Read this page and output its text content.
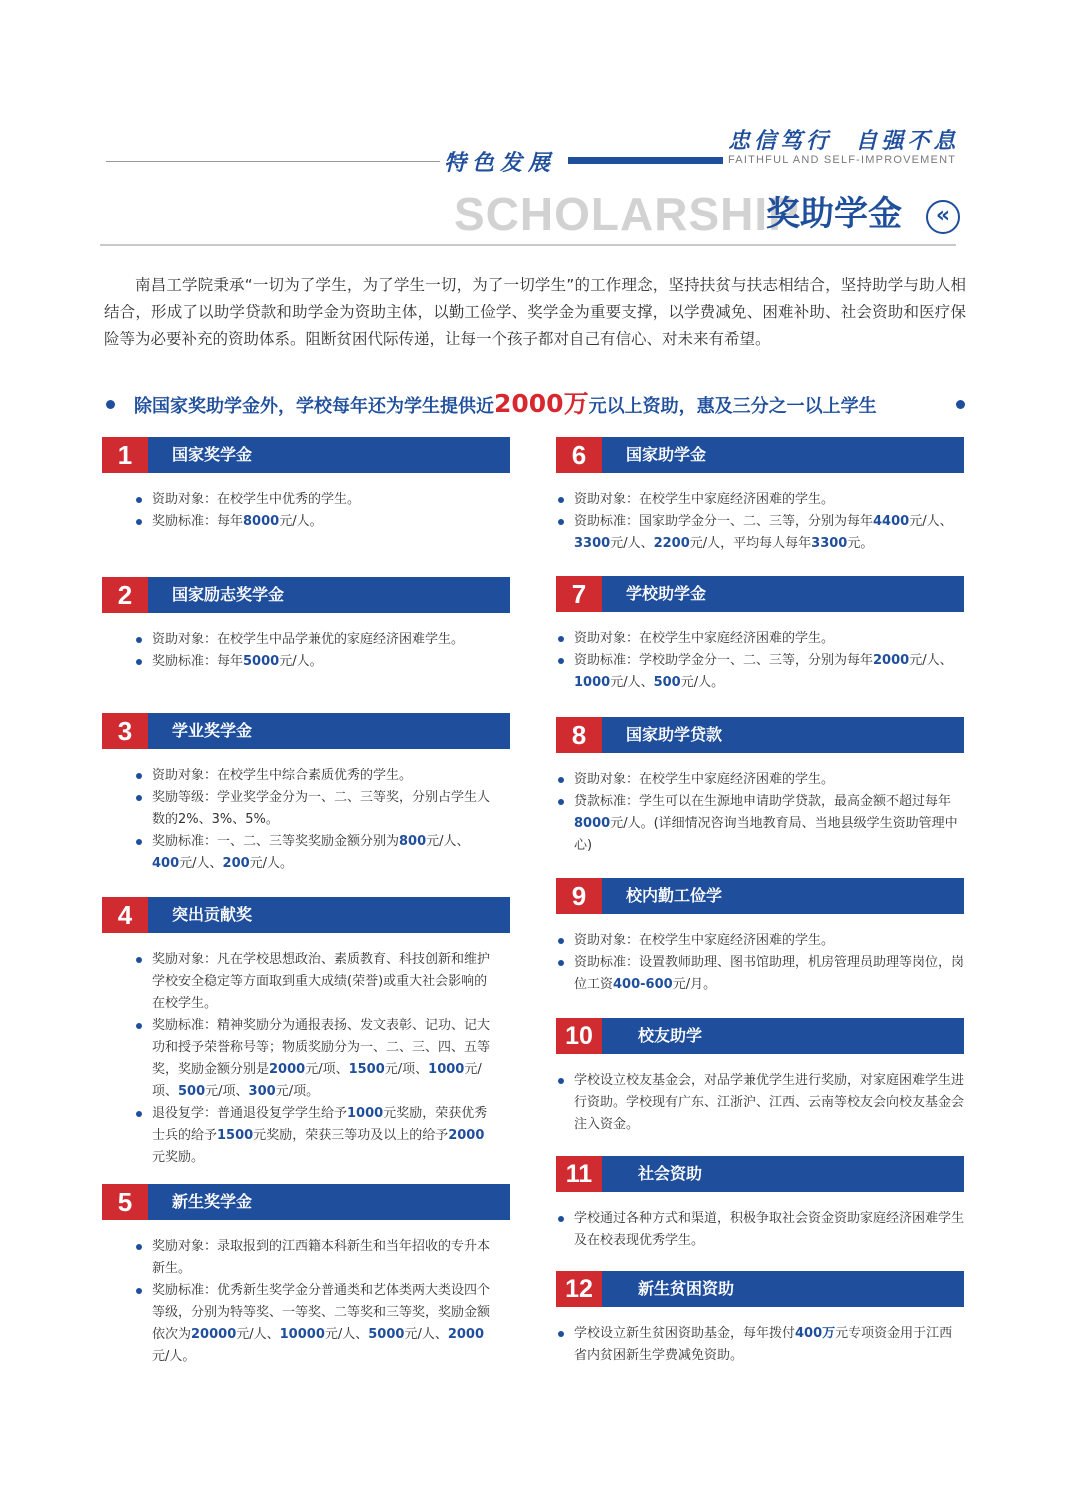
忠信笃行  自强不息
FAITHFUL AND SELF-IMPROVEMENT
特色发展
SCHOLARSHIP
奖助学金	«

南昌工学院秉承“一切为了学生，为了学生一切，为了一切学生”的工作理念，坚持扶贫与扶志相结合，坚持助学与助人相结合，形成了以助学贷款和助学金为资助主体，以勤工俭学、奖学金为重要支撑，以学费减免、困难补助、社会资助和医疗保险等为必要补充的资助体系。阻断贫困代际传递，让每一个孩子都对自己有信心、对未来有希望。

除国家奖助学金外，学校每年还为学生提供近2000万元以上资助，惠及三分之一以上学生
1	国家奖学金
资助对象：在校学生中优秀的学生。
奖励标准：每年8000元/人。
2	国家励志奖学金
资助对象：在校学生中品学兼优的家庭经济困难学生。
奖励标准：每年5000元/人。
3	学业奖学金
资助对象：在校学生中综合素质优秀的学生。
奖励等级：学业奖学金分为一、二、三等奖，分别占学生人数的2%、3%、5%。
奖励标准：一、二、三等奖奖励金额分别为800元/人、400元/人、200元/人。
4	突出贡献奖
奖励对象：凡在学校思想政治、素质教育、科技创新和维护学校安全稳定等方面取到重大成绩(荣誉)或重大社会影响的在校学生。
奖励标准：精神奖励分为通报表扬、发文表彰、记功、记大功和授予荣誉称号等；物质奖励分为一、二、三、四、五等奖，奖励金额分别是2000元/项、1500元/项、1000元/项、500元/项、300元/项。
退役复学：普通退役复学学生给予1000元奖励，荣获优秀士兵的给予1500元奖励，荣获三等功及以上的给予2000元奖励。
5	新生奖学金
奖励对象：录取报到的江西籍本科新生和当年招收的专升本新生。
奖励标准：优秀新生奖学金分普通类和艺体类两大类设四个等级，分别为特等奖、一等奖、二等奖和三等奖，奖励金额依次为20000元/人、10000元/人、5000元/人、2000元/人。
6	国家助学金
资助对象：在校学生中家庭经济困难的学生。
资助标准：国家助学金分一、二、三等，分别为每年4400元/人、3300元/人、2200元/人，平均每人每年3300元。
7	学校助学金
资助对象：在校学生中家庭经济困难的学生。
资助标准：学校助学金分一、二、三等，分别为每年2000元/人、1000元/人、500元/人。
8	国家助学贷款
资助对象：在校学生中家庭经济困难的学生。
贷款标准：学生可以在生源地申请助学贷款，最高金额不超过每年8000元/人。(详细情况咨询当地教育局、当地县级学生资助管理中心)
9	校内勤工俭学
资助对象：在校学生中家庭经济困难的学生。
资助标准：设置教师助理、图书馆助理，机房管理员助理等岗位，岗位工资400-600元/月。
10	校友助学
学校设立校友基金会，对品学兼优学生进行奖励，对家庭困难学生进行资助。学校现有广东、江浙沪、江西、云南等校友会向校友基金会注入资金。
11	社会资助
学校通过各种方式和渠道，积极争取社会资金资助家庭经济困难学生及在校表现优秀学生。
12	新生贫困资助
学校设立新生贫困资助基金，每年拨付400万元专项资金用于江西省内贫困新生学费减免资助。
